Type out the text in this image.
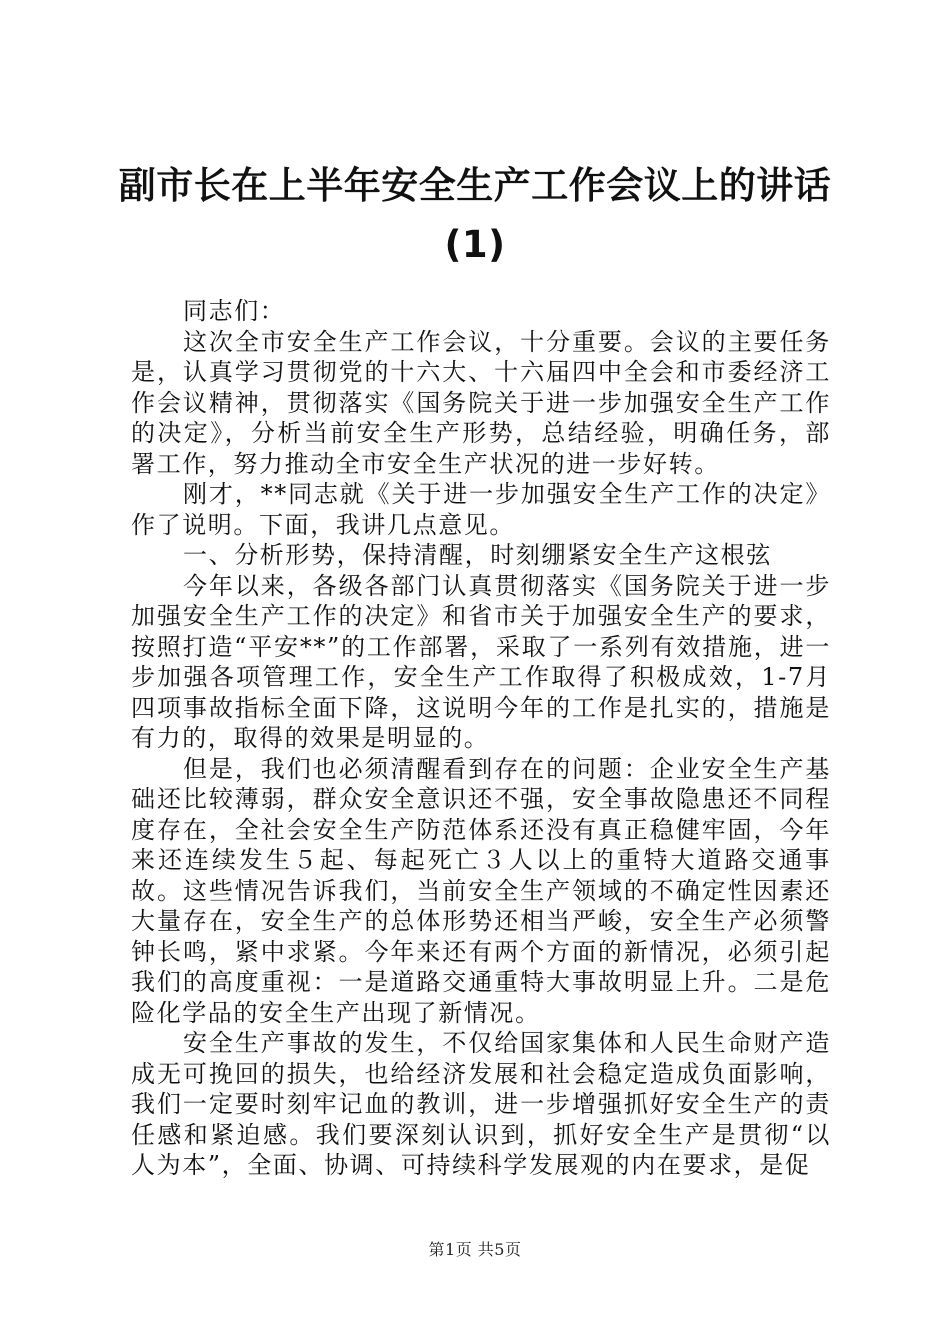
副市长在上半年安全生产工作会议上的讲话
(1)

同志们：

这次全市安全生产工作会议，十分重要。会议的主要任务是，认真学习贯彻党的十六大、十六届四中全会和市委经济工作会议精神，贯彻落实《国务院关于进一步加强安全生产工作的决定》，分析当前安全生产形势，总结经验，明确任务，部署工作，努力推动全市安全生产状况的进一步好转。

刚才，**同志就《关于进一步加强安全生产工作的决定》作了说明。下面，我讲几点意见。

一、分析形势，保持清醒，时刻绷紧安全生产这根弦

今年以来，各级各部门认真贯彻落实《国务院关于进一步加强安全生产工作的决定》和省市关于加强安全生产的要求，按照打造“平安**”的工作部署，采取了一系列有效措施，进一步加强各项管理工作，安全生产工作取得了积极成效，1-7月四项事故指标全面下降，这说明今年的工作是扎实的，措施是有力的，取得的效果是明显的。

但是，我们也必须清醒看到存在的问题：企业安全生产基础还比较薄弱，群众安全意识还不强，安全事故隐患还不同程度存在，全社会安全生产防范体系还没有真正稳健牢固，今年来还连续发生５起、每起死亡３人以上的重特大道路交通事故。这些情况告诉我们，当前安全生产领域的不确定性因素还大量存在，安全生产的总体形势还相当严峻，安全生产必须警钟长鸣，紧中求紧。今年来还有两个方面的新情况，必须引起我们的高度重视：一是道路交通重特大事故明显上升。二是危险化学品的安全生产出现了新情况。

安全生产事故的发生，不仅给国家集体和人民生命财产造成无可挽回的损失，也给经济发展和社会稳定造成负面影响，我们一定要时刻牢记血的教训，进一步增强抓好安全生产的责任感和紧迫感。我们要深刻认识到，抓好安全生产是贯彻“以人为本”，全面、协调、可持续科学发展观的内在要求，是促

第1页 共5页
